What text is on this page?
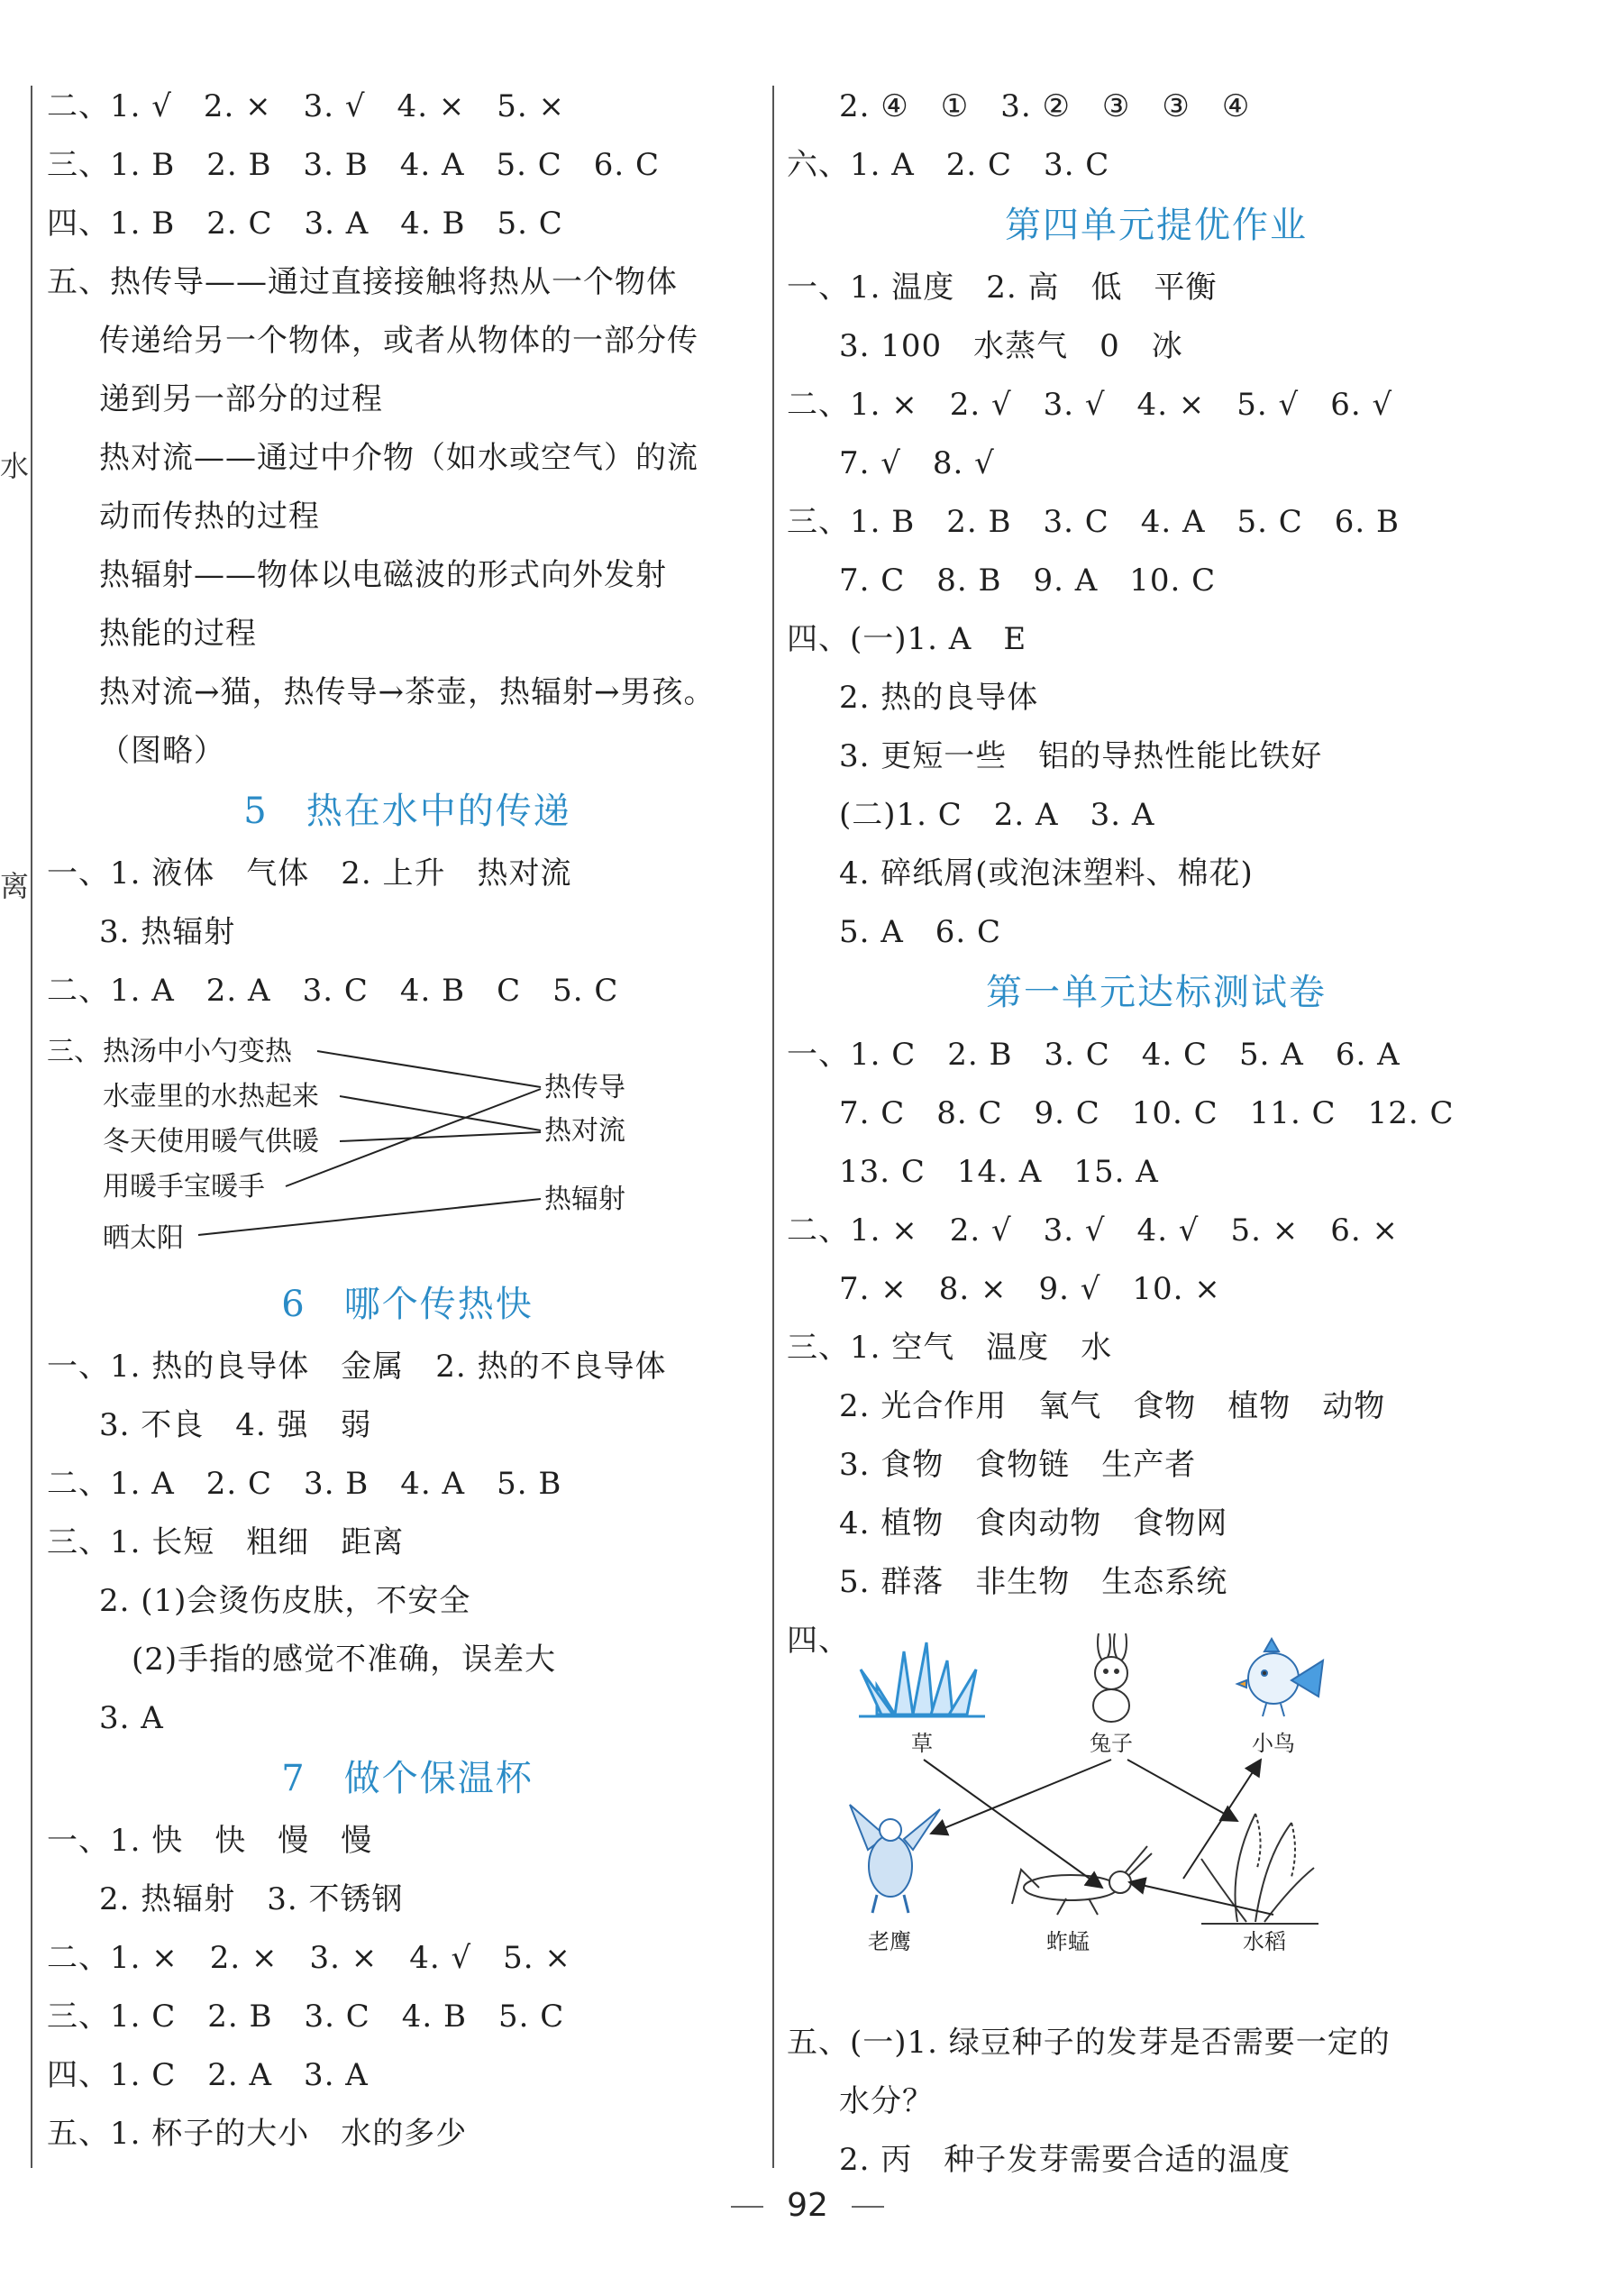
水
离
二、1. √　2. ×　3. √　4. ×　5. ×
三、1. B　2. B　3. B　4. A　5. C　6. C
四、1. B　2. C　3. A　4. B　5. C
五、热传导——通过直接接触将热从一个物体
传递给另一个物体，或者从物体的一部分传
递到另一部分的过程
热对流——通过中介物（如水或空气）的流
动而传热的过程
热辐射——物体以电磁波的形式向外发射
热能的过程
热对流→猫，热传导→茶壶，热辐射→男孩。
（图略）
5　热在水中的传递
一、1. 液体　气体　2. 上升　热对流
3. 热辐射
二、1. A　2. A　3. C　4. B　C　5. C
三、 热汤中小勺变热
水壶里的水热起来
冬天使用暖气供暖
用暖手宝暖手
晒太阳
热传导
热对流
热辐射
6　哪个传热快
一、1. 热的良导体　金属　2. 热的不良导体
3. 不良　4. 强　弱
二、1. A　2. C　3. B　4. A　5. B
三、1. 长短　粗细　距离
2. (1)会烫伤皮肤，不安全
(2)手指的感觉不准确，误差大
3. A
7　做个保温杯
一、1. 快　快　慢　慢
2. 热辐射　3. 不锈钢
二、1. ×　2. ×　3. ×　4. √　5. ×
三、1. C　2. B　3. C　4. B　5. C
四、1. C　2. A　3. A
五、1. 杯子的大小　水的多少
2. ④　①　3. ②　③　③　④
六、1. A　2. C　3. C
第四单元提优作业
一、1. 温度　2. 高　低　平衡
3. 100　水蒸气　0　冰
二、1. ×　2. √　3. √　4. ×　5. √　6. √
7. √　8. √
三、1. B　2. B　3. C　4. A　5. C　6. B
7. C　8. B　9. A　10. C
四、(一)1. A　E
2. 热的良导体
3. 更短一些　铝的导热性能比铁好
(二)1. C　2. A　3. A
4. 碎纸屑(或泡沫塑料、棉花)
5. A　6. C
第一单元达标测试卷
一、1. C　2. B　3. C　4. C　5. A　6. A
7. C　8. C　9. C　10. C　11. C　12. C
13. C　14. A　15. A
二、1. ×　2. √　3. √　4. √　5. ×　6. ×
7. ×　8. ×　9. √　10. ×
三、1. 空气　温度　水
2. 光合作用　氧气　食物　植物　动物
3. 食物　食物链　生产者
4. 植物　食肉动物　食物网
5. 群落　非生物　生态系统
四、
草	兔子	小鸟
老鹰	蚱蜢	水稻
五、(一)1. 绿豆种子的发芽是否需要一定的
水分？
2. 丙　种子发芽需要合适的温度
92
